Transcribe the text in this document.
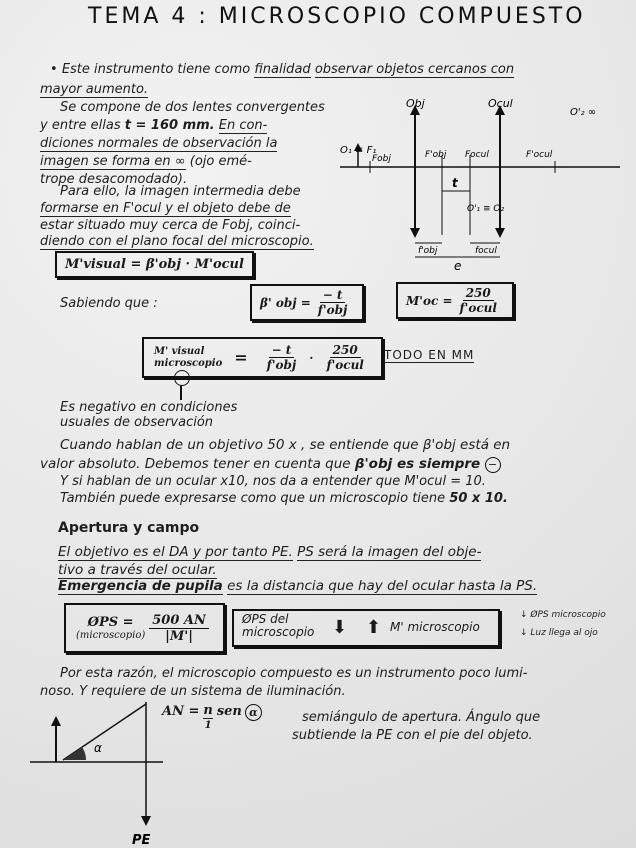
TEMA 4 : MICROSCOPIO COMPUESTO
• Este instrumento tiene como finalidad observar objetos cercanos con
mayor aumento.
Se compone de dos lentes convergentes
y entre ellas t = 160 mm. En con-
diciones normales de observación la
imagen se forma en ∞ (ojo emé-
trope desacomodado).
Para ello, la imagen intermedia debe
formarse en F'ocul y el objeto debe de
estar situado muy cerca de Fobj, coinci-
diendo con el plano focal del microscopio.
Obj	Ocul
O'₂ ∞
O₁ ≡ F₁
Fobj	F'obj Focul	F'ocul
t
O'₁ ≡ O₂
f'obj	focul
e
M'visual = β'obj · M'ocul
Sabiendo que :	β' obj = $\frac{- t}{\text{f'obj}}$	$M'oc = \frac{250}{\text{f'ocul}}$
M' visual
microscopio = $\frac{- t}{\text{f'obj}} \cdot \frac{250}{\text{f'ocul}}$ TODO EN MM
−
Es negativo en condiciones
usuales de observación
Cuando hablan de un objetivo 50 x , se entiende que β'obj está en
valor absoluto. Debemos tener en cuenta que β'obj es siempre −
Y si hablan de un ocular x10, nos da a entender que M'ocul = 10.
También puede expresarse como que un microscopio tiene 50 x 10.
Apertura y campo
El objetivo es el DA y por tanto PE. PS será la imagen del obje-
tivo a través del ocular.
Emergencia de pupila es la distancia que hay del ocular hasta la PS.
ØPS =
(microscopio) $\frac{500 AN}{|M'|}$	ØPS del
microscopio ⬇ ⬆ M' microscopio
↓ ØPS microscopio
↓ Luz llega al ojo
Por esta razón, el microscopio compuesto es un instrumento poco lumi-
noso. Y requiere de un sistema de iluminación.
α
PE
AN = n
1
sen α	semiángulo de apertura. Ángulo que
subtiende la PE con el pie del objeto.
